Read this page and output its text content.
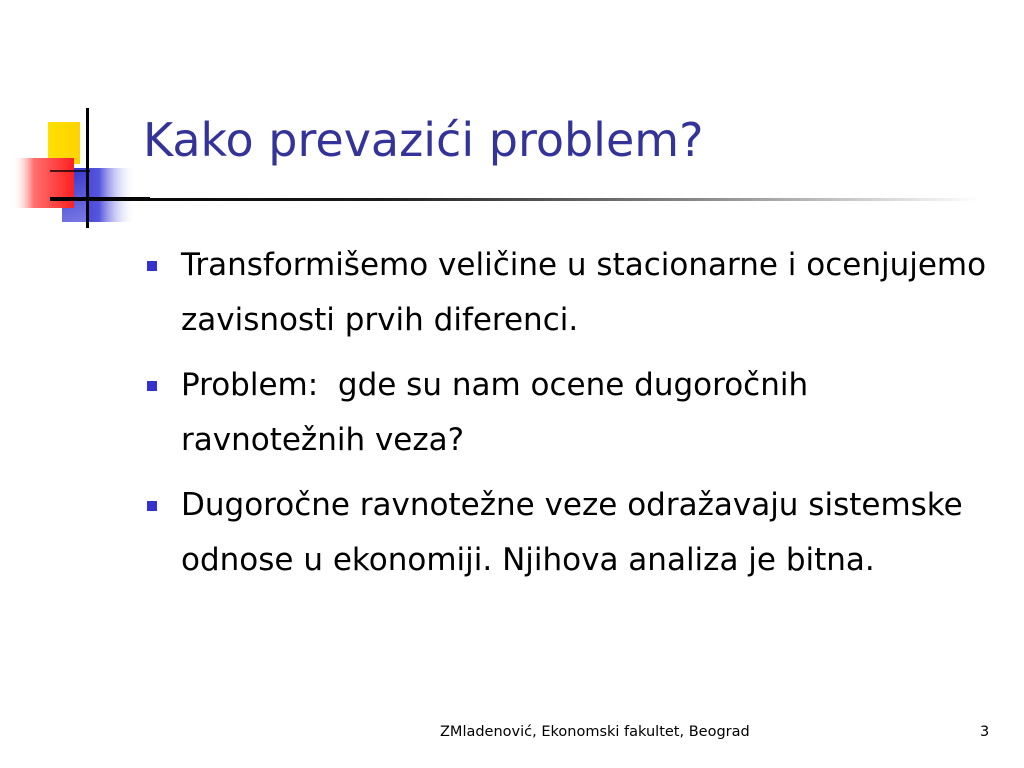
Kako prevazići problem?
Transformišemo veličine u stacionarne i ocenjujemo zavisnosti prvih diferenci.
Problem:  gde su nam ocene dugoročnih ravnotežnih veza?
Dugoročne ravnotežne veze odražavaju sistemske odnose u ekonomiji. Njihova analiza je bitna.
ZMladenović, Ekonomski fakultet, Beograd	3
